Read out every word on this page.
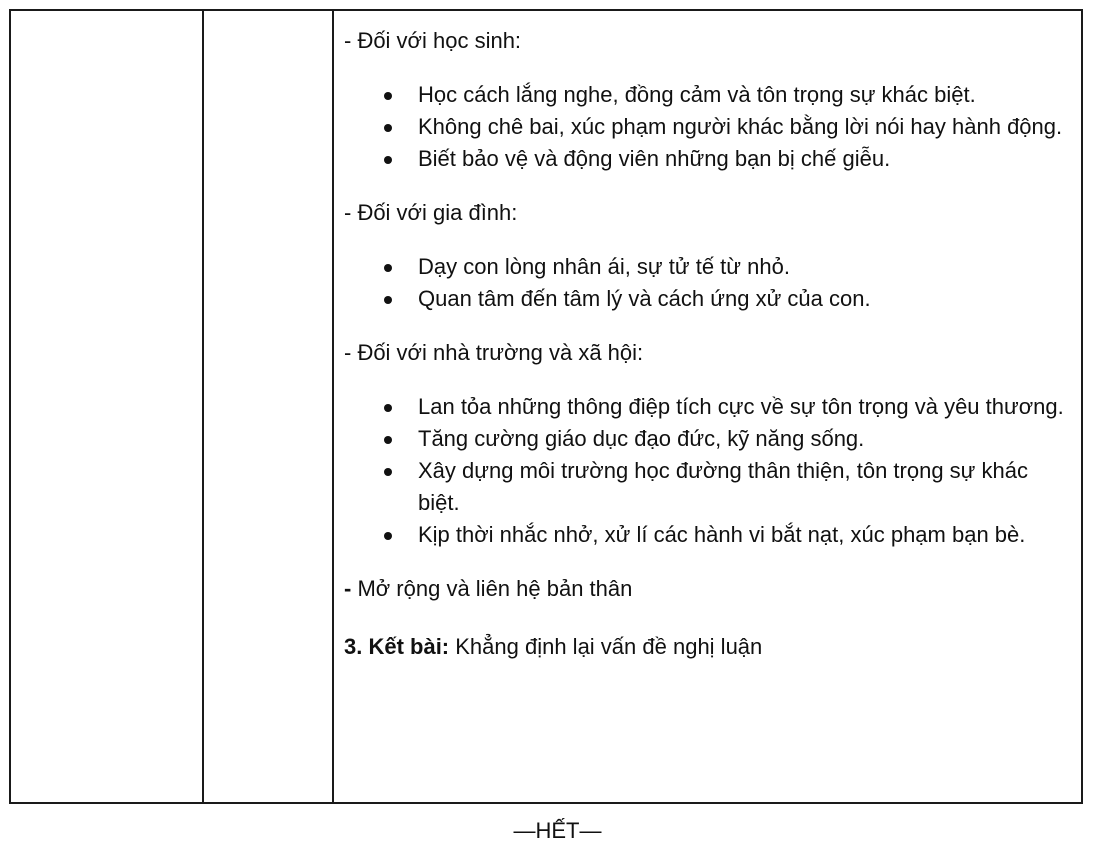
- Đối với học sinh:

Học cách lắng nghe, đồng cảm và tôn trọng sự khác biệt.
Không chê bai, xúc phạm người khác bằng lời nói hay hành động.
Biết bảo vệ và động viên những bạn bị chế giễu.

- Đối với gia đình:

Dạy con lòng nhân ái, sự tử tế từ nhỏ.
Quan tâm đến tâm lý và cách ứng xử của con.

- Đối với nhà trường và xã hội:

Lan tỏa những thông điệp tích cực về sự tôn trọng và yêu thương.
Tăng cường giáo dục đạo đức, kỹ năng sống.
Xây dựng môi trường học đường thân thiện, tôn trọng sự khác biệt.
Kịp thời nhắc nhở, xử lí các hành vi bắt nạt, xúc phạm bạn bè.

- Mở rộng và liên hệ bản thân

3. Kết bài: Khẳng định lại vấn đề nghị luận

—HẾT—
